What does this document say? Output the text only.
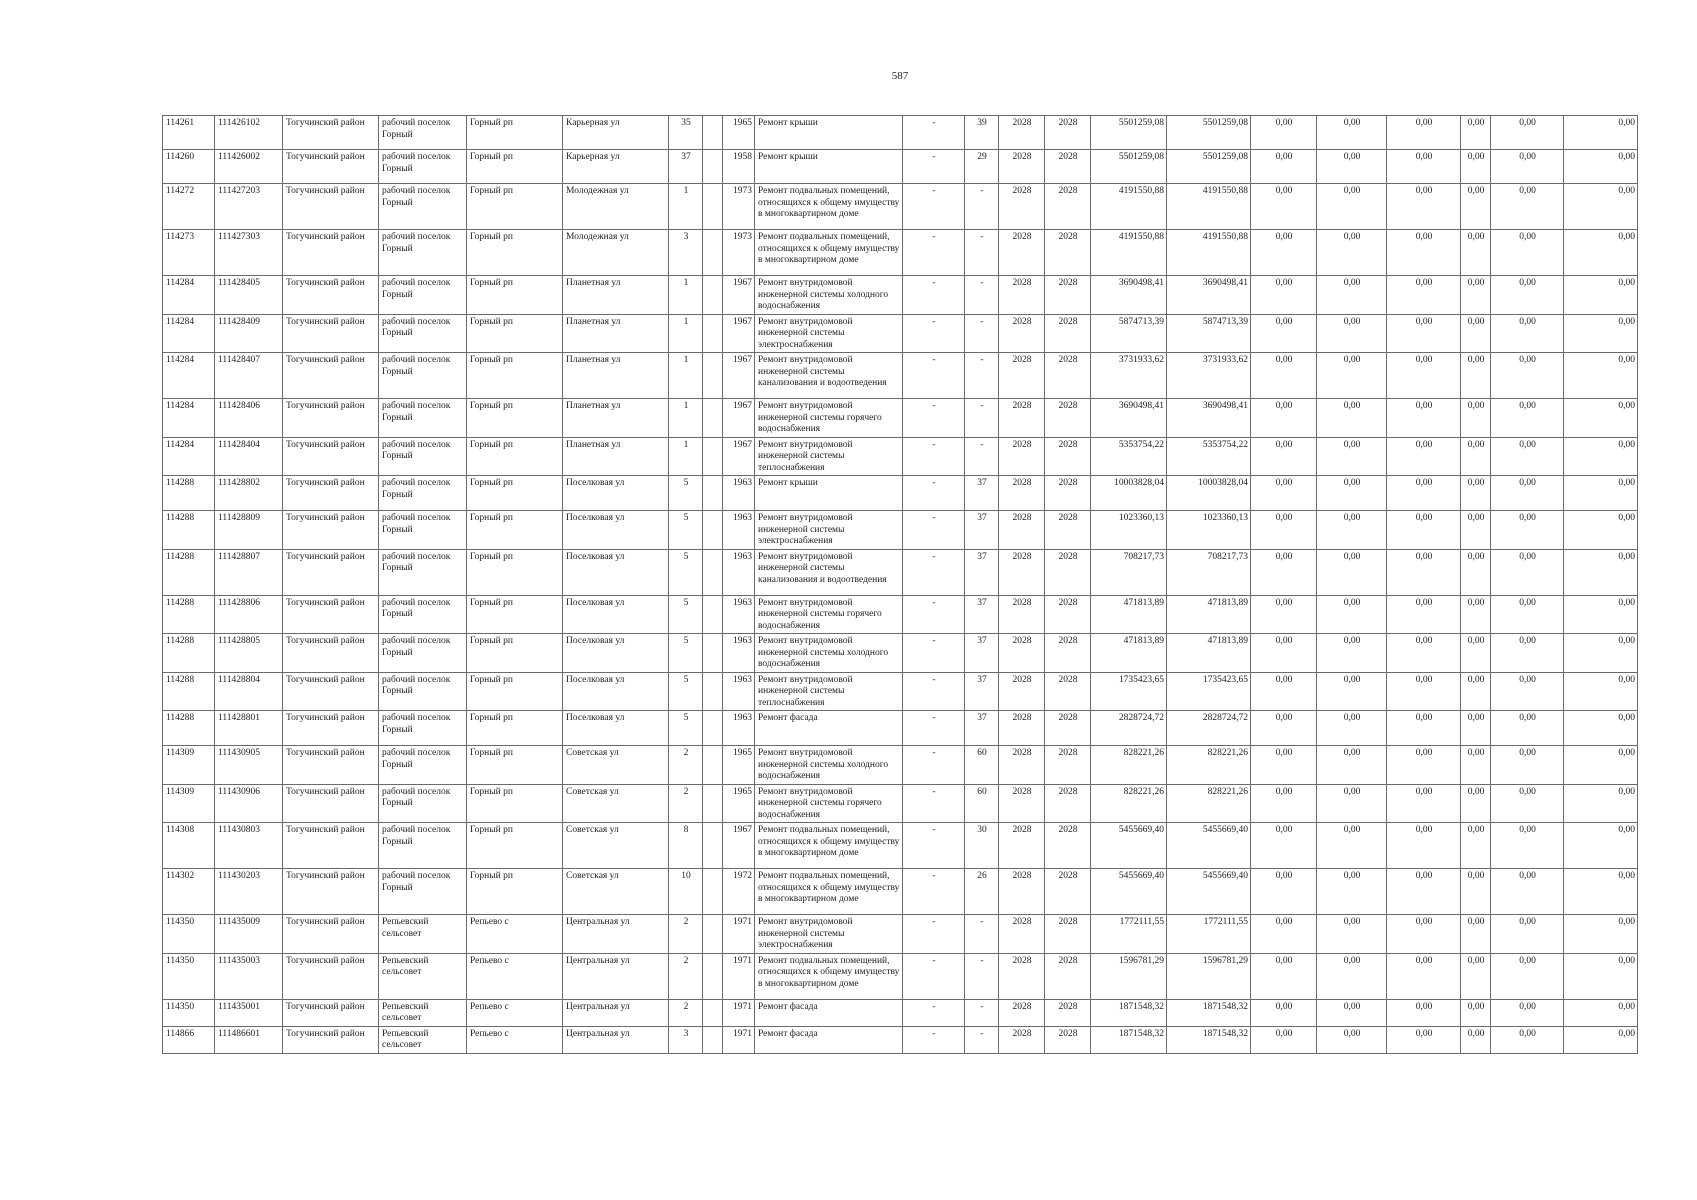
587
114261	111426102	Тогучинский район	рабочий поселок Горный	Горный рп	Карьерная ул	35		1965	Ремонт крыши	-	39	2028	2028	5501259,08	5501259,08	0,00	0,00	0,00	0,00	0,00	0,00
114260	111426002	Тогучинский район	рабочий поселок Горный	Горный рп	Карьерная ул	37		1958	Ремонт крыши	-	29	2028	2028	5501259,08	5501259,08	0,00	0,00	0,00	0,00	0,00	0,00
114272	111427203	Тогучинский район	рабочий поселок Горный	Горный рп	Молодежная ул	1		1973	Ремонт подвальных помещений, относящихся к общему имуществу в многоквартирном доме	-	-	2028	2028	4191550,88	4191550,88	0,00	0,00	0,00	0,00	0,00	0,00
114273	111427303	Тогучинский район	рабочий поселок Горный	Горный рп	Молодежная ул	3		1973	Ремонт подвальных помещений, относящихся к общему имуществу в многоквартирном доме	-	-	2028	2028	4191550,88	4191550,88	0,00	0,00	0,00	0,00	0,00	0,00
114284	111428405	Тогучинский район	рабочий поселок Горный	Горный рп	Планетная ул	1		1967	Ремонт внутридомовой инженерной системы холодного водоснабжения	-	-	2028	2028	3690498,41	3690498,41	0,00	0,00	0,00	0,00	0,00	0,00
114284	111428409	Тогучинский район	рабочий поселок Горный	Горный рп	Планетная ул	1		1967	Ремонт внутридомовой инженерной системы электроснабжения	-	-	2028	2028	5874713,39	5874713,39	0,00	0,00	0,00	0,00	0,00	0,00
114284	111428407	Тогучинский район	рабочий поселок Горный	Горный рп	Планетная ул	1		1967	Ремонт внутридомовой инженерной системы канализования и водоотведения	-	-	2028	2028	3731933,62	3731933,62	0,00	0,00	0,00	0,00	0,00	0,00
114284	111428406	Тогучинский район	рабочий поселок Горный	Горный рп	Планетная ул	1		1967	Ремонт внутридомовой инженерной системы горячего водоснабжения	-	-	2028	2028	3690498,41	3690498,41	0,00	0,00	0,00	0,00	0,00	0,00
114284	111428404	Тогучинский район	рабочий поселок Горный	Горный рп	Планетная ул	1		1967	Ремонт внутридомовой инженерной системы теплоснабжения	-	-	2028	2028	5353754,22	5353754,22	0,00	0,00	0,00	0,00	0,00	0,00
114288	111428802	Тогучинский район	рабочий поселок Горный	Горный рп	Поселковая ул	5		1963	Ремонт крыши	-	37	2028	2028	10003828,04	10003828,04	0,00	0,00	0,00	0,00	0,00	0,00
114288	111428809	Тогучинский район	рабочий поселок Горный	Горный рп	Поселковая ул	5		1963	Ремонт внутридомовой инженерной системы электроснабжения	-	37	2028	2028	1023360,13	1023360,13	0,00	0,00	0,00	0,00	0,00	0,00
114288	111428807	Тогучинский район	рабочий поселок Горный	Горный рп	Поселковая ул	5		1963	Ремонт внутридомовой инженерной системы канализования и водоотведения	-	37	2028	2028	708217,73	708217,73	0,00	0,00	0,00	0,00	0,00	0,00
114288	111428806	Тогучинский район	рабочий поселок Горный	Горный рп	Поселковая ул	5		1963	Ремонт внутридомовой инженерной системы горячего водоснабжения	-	37	2028	2028	471813,89	471813,89	0,00	0,00	0,00	0,00	0,00	0,00
114288	111428805	Тогучинский район	рабочий поселок Горный	Горный рп	Поселковая ул	5		1963	Ремонт внутридомовой инженерной системы холодного водоснабжения	-	37	2028	2028	471813,89	471813,89	0,00	0,00	0,00	0,00	0,00	0,00
114288	111428804	Тогучинский район	рабочий поселок Горный	Горный рп	Поселковая ул	5		1963	Ремонт внутридомовой инженерной системы теплоснабжения	-	37	2028	2028	1735423,65	1735423,65	0,00	0,00	0,00	0,00	0,00	0,00
114288	111428801	Тогучинский район	рабочий поселок Горный	Горный рп	Поселковая ул	5		1963	Ремонт фасада	-	37	2028	2028	2828724,72	2828724,72	0,00	0,00	0,00	0,00	0,00	0,00
114309	111430905	Тогучинский район	рабочий поселок Горный	Горный рп	Советская ул	2		1965	Ремонт внутридомовой инженерной системы холодного водоснабжения	-	60	2028	2028	828221,26	828221,26	0,00	0,00	0,00	0,00	0,00	0,00
114309	111430906	Тогучинский район	рабочий поселок Горный	Горный рп	Советская ул	2		1965	Ремонт внутридомовой инженерной системы горячего водоснабжения	-	60	2028	2028	828221,26	828221,26	0,00	0,00	0,00	0,00	0,00	0,00
114308	111430803	Тогучинский район	рабочий поселок Горный	Горный рп	Советская ул	8		1967	Ремонт подвальных помещений, относящихся к общему имуществу в многоквартирном доме	-	30	2028	2028	5455669,40	5455669,40	0,00	0,00	0,00	0,00	0,00	0,00
114302	111430203	Тогучинский район	рабочий поселок Горный	Горный рп	Советская ул	10		1972	Ремонт подвальных помещений, относящихся к общему имуществу в многоквартирном доме	-	26	2028	2028	5455669,40	5455669,40	0,00	0,00	0,00	0,00	0,00	0,00
114350	111435009	Тогучинский район	Репьевский сельсовет	Репьево с	Центральная ул	2		1971	Ремонт внутридомовой инженерной системы электроснабжения	-	-	2028	2028	1772111,55	1772111,55	0,00	0,00	0,00	0,00	0,00	0,00
114350	111435003	Тогучинский район	Репьевский сельсовет	Репьево с	Центральная ул	2		1971	Ремонт подвальных помещений, относящихся к общему имуществу в многоквартирном доме	-	-	2028	2028	1596781,29	1596781,29	0,00	0,00	0,00	0,00	0,00	0,00
114350	111435001	Тогучинский район	Репьевский сельсовет	Репьево с	Центральная ул	2		1971	Ремонт фасада	-	-	2028	2028	1871548,32	1871548,32	0,00	0,00	0,00	0,00	0,00	0,00
114866	111486601	Тогучинский район	Репьевский сельсовет	Репьево с	Центральная ул	3		1971	Ремонт фасада	-	-	2028	2028	1871548,32	1871548,32	0,00	0,00	0,00	0,00	0,00	0,00
